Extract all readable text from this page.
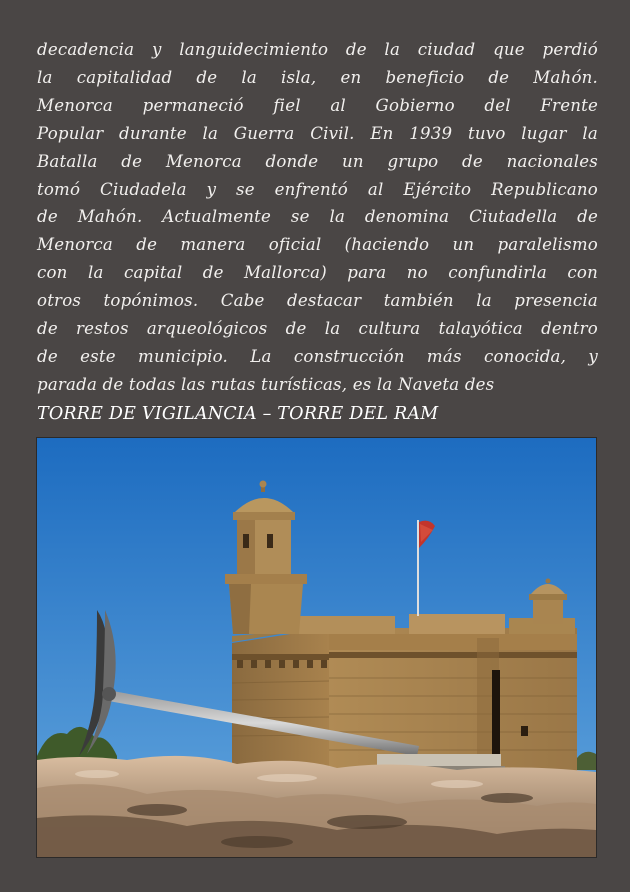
decadencia y languidecimiento de la ciudad que perdió
la capitalidad de la isla, en beneficio de Mahón.
Menorca permaneció fiel al Gobierno del Frente
Popular durante la Guerra Civil. En 1939 tuvo lugar la
Batalla de Menorca donde un grupo de nacionales
tomó Ciudadela y se enfrentó al Ejército Republicano
de Mahón. Actualmente se la denomina Ciutadella de
Menorca de manera oficial (haciendo un paralelismo
con la capital de Mallorca) para no confundirla con
otros topónimos. Cabe destacar también la presencia
de restos arqueológicos de la cultura talayótica dentro
de este municipio. La construcción más conocida, y
parada de todas las rutas turísticas, es la Naveta des
TORRE DE VIGILANCIA – TORRE DEL RAM
